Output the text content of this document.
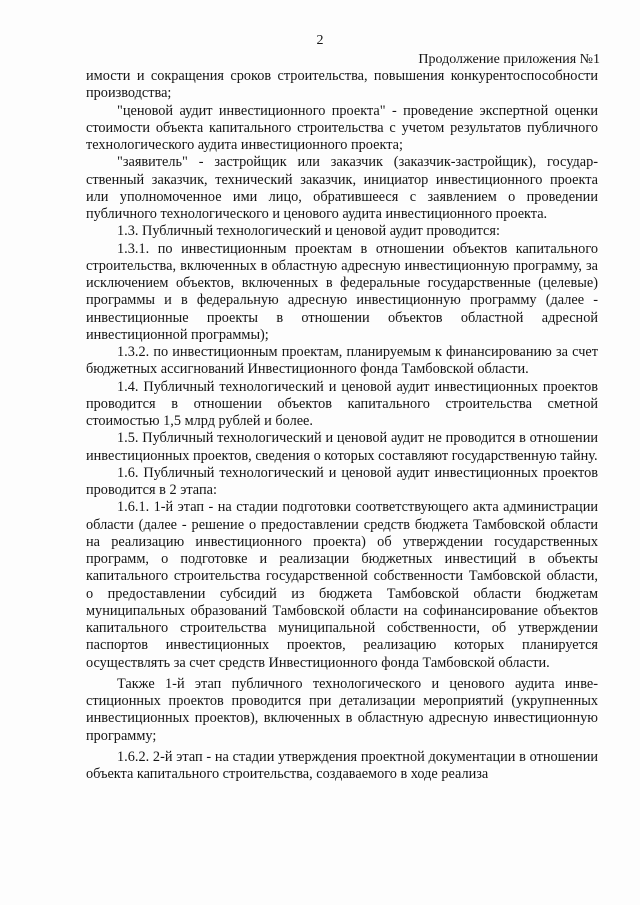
2
Продолжение приложения №1

имости и сокращения сроков строительства, повышения конкурентоспособности производства;

"ценовой аудит инвестиционного проекта" - проведение экспертной оценки стоимости объекта капитального строительства с учетом результатов публичного технологического аудита инвестиционного проекта;

"заявитель" - застройщик или заказчик (заказчик-застройщик), государственный заказчик, технический заказчик, инициатор инвестиционного проекта или уполномоченное ими лицо, обратившееся с заявлением о проведении публичного технологического и ценового аудита инвестиционного проекта.

1.3. Публичный технологический и ценовой аудит проводится:

1.3.1. по инвестиционным проектам в отношении объектов капитального строительства, включенных в областную адресную инвестиционную программу, за исключением объектов, включенных в федеральные государственные (целевые) программы и в федеральную адресную инвестиционную программу (далее - инвестиционные проекты в отношении объектов областной адресной инвестиционной программы);

1.3.2. по инвестиционным проектам, планируемым к финансированию за счет бюджетных ассигнований Инвестиционного фонда Тамбовской области.

1.4. Публичный технологический и ценовой аудит инвестиционных проектов проводится в отношении объектов капитального строительства сметной стоимостью 1,5 млрд рублей и более.

1.5. Публичный технологический и ценовой аудит не проводится в отношении инвестиционных проектов, сведения о которых составляют государственную тайну.

1.6. Публичный технологический и ценовой аудит инвестиционных проектов проводится в 2 этапа:

1.6.1. 1-й этап - на стадии подготовки соответствующего акта администрации области (далее - решение о предоставлении средств бюджета Тамбовской области на реализацию инвестиционного проекта) об утверждении государственных программ, о подготовке и реализации бюджетных инвестиций в объекты капитального строительства государственной собственности Тамбовской области, о предоставлении субсидий из бюджета Тамбовской области бюджетам муниципальных образований Тамбовской области на софинансирование объектов капитального строительства муниципальной собственности, об утверждении паспортов инвестиционных проектов, реализацию которых планируется осуществлять за счет средств Инвестиционного фонда Тамбовской области.

Также 1-й этап публичного технологического и ценового аудита инвестиционных проектов проводится при детализации мероприятий (укрупненных инвестиционных проектов), включенных в областную адресную инвестиционную программу;

1.6.2. 2-й этап - на стадии утверждения проектной документации в отношении объекта капитального строительства, создаваемого в ходе реализа
